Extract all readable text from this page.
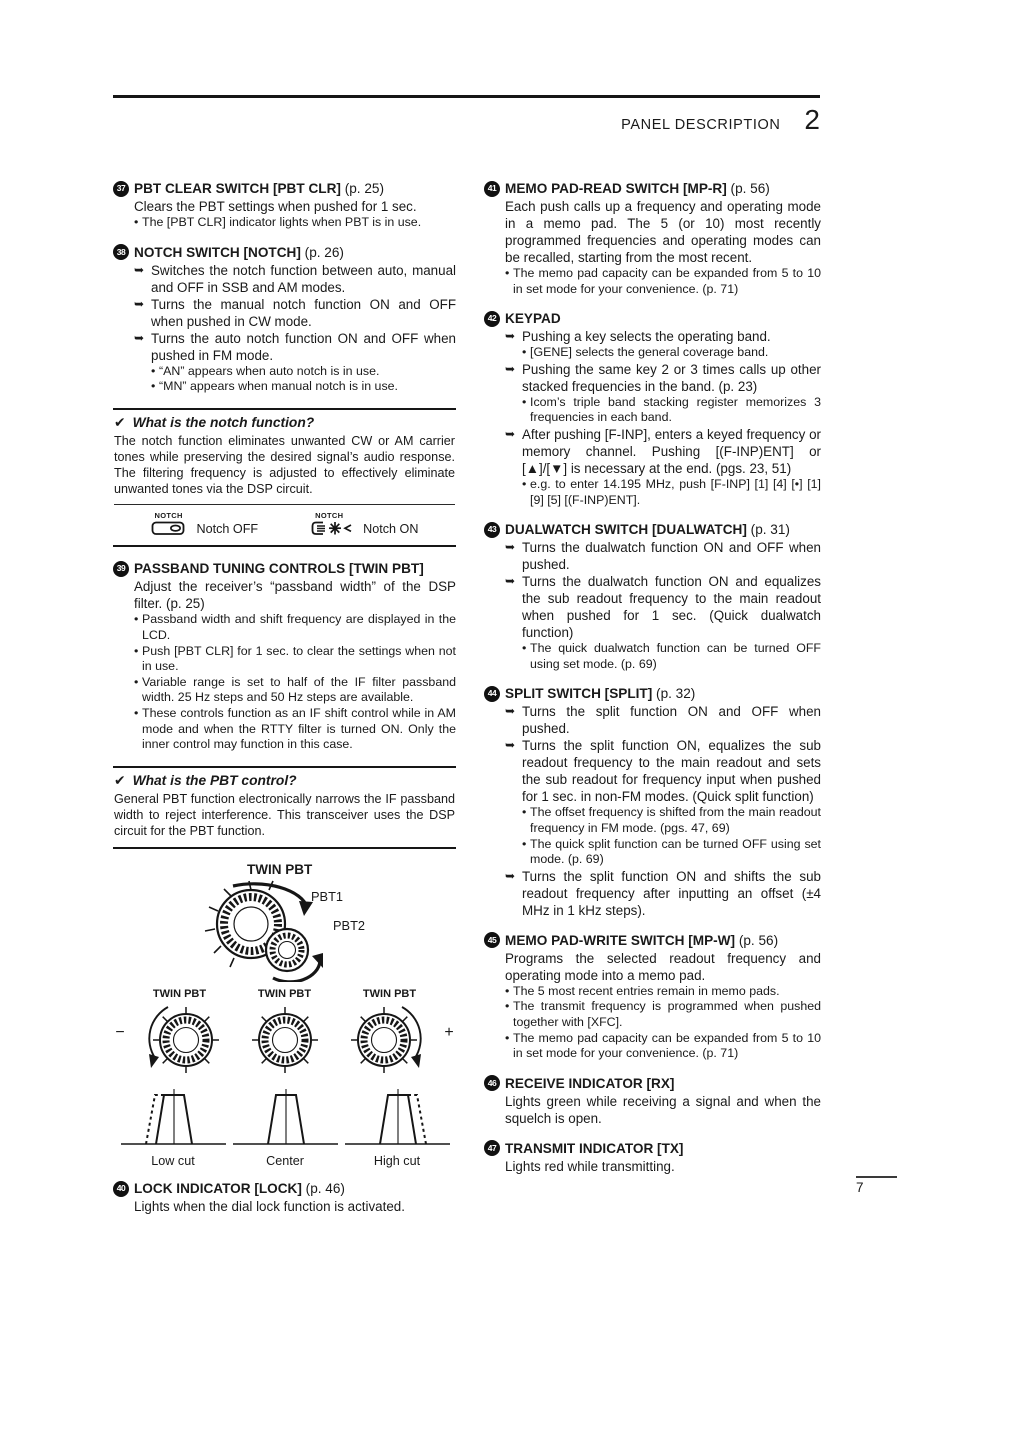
PANEL DESCRIPTION 2
37 PBT CLEAR SWITCH [PBT CLR] (p. 25)

Clears the PBT settings when pushed for 1 sec.

• The [PBT CLR] indicator lights when PBT is in use.

38 NOTCH SWITCH [NOTCH] (p. 26)

➥ Switches the notch function between auto, manual and OFF in SSB and AM modes.

➥ Turns the manual notch function ON and OFF when pushed in CW mode.

➥ Turns the auto notch function ON and OFF when pushed in FM mode.

• “AN” appears when auto notch is in use.

• “MN” appears when manual notch is in use.

✔ What is the notch function?

The notch function eliminates unwanted CW or AM carrier tones while preserving the desired signal’s audio response. The filtering frequency is adjusted to effectively eliminate unwanted tones via the DSP circuit.

NOTCH
Notch OFF
NOTCH
Notch ON
39 PASSBAND TUNING CONTROLS [TWIN PBT]

Adjust the receiver’s “passband width” of the DSP filter. (p. 25)

• Passband width and shift frequency are displayed in the LCD.

• Push [PBT CLR] for 1 sec. to clear the settings when not in use.

• Variable range is set to half of the IF filter passband width. 25 Hz steps and 50 Hz steps are available.

• These controls function as an IF shift control while in AM mode and when the RTTY filter is turned ON. Only the inner control may function in this case.

✔ What is the PBT control?

General PBT function electronically narrows the IF passband width to reject interference. This transceiver uses the DSP circuit for the PBT function.

TWIN PBT
PBT1
PBT2
−
TWIN PBT	TWIN PBT	TWIN PBT
+
Low cut	Center	High cut
40 LOCK INDICATOR [LOCK] (p. 46)

Lights when the dial lock function is activated.

41 MEMO PAD-READ SWITCH [MP-R] (p. 56)

Each push calls up a frequency and operating mode in a memo pad. The 5 (or 10) most recently programmed frequencies and operating modes can be recalled, starting from the most recent.

• The memo pad capacity can be expanded from 5 to 10 in set mode for your convenience. (p. 71)

42 KEYPAD

➥ Pushing a key selects the operating band.

• [GENE] selects the general coverage band.

➥ Pushing the same key 2 or 3 times calls up other stacked frequencies in the band. (p. 23)

• Icom’s triple band stacking register memorizes 3 frequencies in each band.

➥ After pushing [F-INP], enters a keyed frequency or memory channel. Pushing [(F-INP)ENT] or [▲]/[▼] is necessary at the end. (pgs. 23, 51)

• e.g. to enter 14.195 MHz, push [F-INP] [1] [4] [•] [1] [9] [5] [(F-INP)ENT].

43 DUALWATCH SWITCH [DUALWATCH] (p. 31)

➥ Turns the dualwatch function ON and OFF when pushed.

➥ Turns the dualwatch function ON and equalizes the sub readout frequency to the main readout when pushed for 1 sec. (Quick dualwatch function)

• The quick dualwatch function can be turned OFF using set mode. (p. 69)

44 SPLIT SWITCH [SPLIT] (p. 32)

➥ Turns the split function ON and OFF when pushed.

➥ Turns the split function ON, equalizes the sub readout frequency to the main readout and sets the sub readout for frequency input when pushed for 1 sec. in non-FM modes. (Quick split function)

• The offset frequency is shifted from the main readout frequency in FM mode. (pgs. 47, 69)

• The quick split function can be turned OFF using set mode. (p. 69)

➥ Turns the split function ON and shifts the sub readout frequency after inputting an offset (±4 MHz in 1 kHz steps).

45 MEMO PAD-WRITE SWITCH [MP-W] (p. 56)

Programs the selected readout frequency and operating mode into a memo pad.

• The 5 most recent entries remain in memo pads.

• The transmit frequency is programmed when pushed together with [XFC].

• The memo pad capacity can be expanded from 5 to 10 in set mode for your convenience. (p. 71)

46 RECEIVE INDICATOR [RX]

Lights green while receiving a signal and when the squelch is open.

47 TRANSMIT INDICATOR [TX]

Lights red while transmitting.

7
